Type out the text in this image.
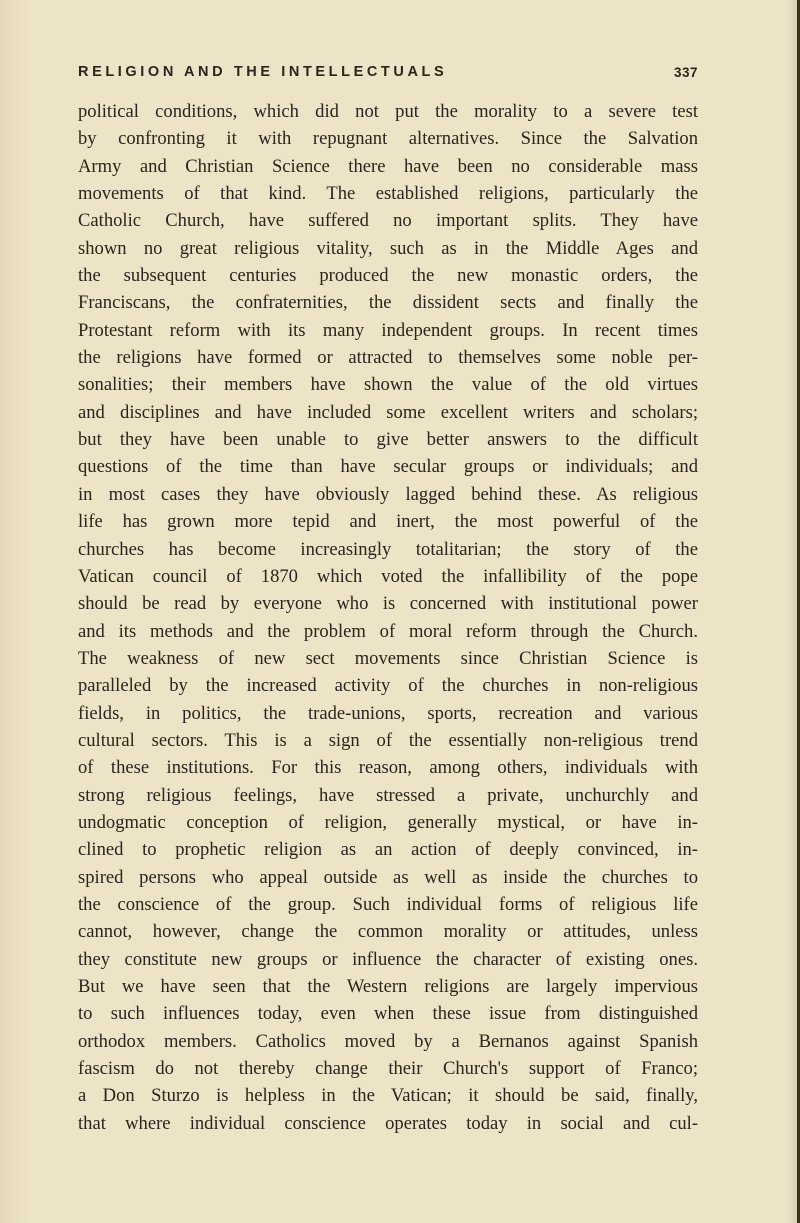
RELIGION AND THE INTELLECTUALS	337
political conditions, which did not put the morality to a severe test
by confronting it with repugnant alternatives. Since the Salvation
Army and Christian Science there have been no considerable mass
movements of that kind. The established religions, particularly the
Catholic Church, have suffered no important splits. They have
shown no great religious vitality, such as in the Middle Ages and
the subsequent centuries produced the new monastic orders, the
Franciscans, the confraternities, the dissident sects and finally the
Protestant reform with its many independent groups. In recent times
the religions have formed or attracted to themselves some noble per-
sonalities; their members have shown the value of the old virtues
and disciplines and have included some excellent writers and scholars;
but they have been unable to give better answers to the difficult
questions of the time than have secular groups or individuals; and
in most cases they have obviously lagged behind these. As religious
life has grown more tepid and inert, the most powerful of the
churches has become increasingly totalitarian; the story of the
Vatican council of 1870 which voted the infallibility of the pope
should be read by everyone who is concerned with institutional power
and its methods and the problem of moral reform through the Church.
The weakness of new sect movements since Christian Science is
paralleled by the increased activity of the churches in non-religious
fields, in politics, the trade-unions, sports, recreation and various
cultural sectors. This is a sign of the essentially non-religious trend
of these institutions. For this reason, among others, individuals with
strong religious feelings, have stressed a private, unchurchly and
undogmatic conception of religion, generally mystical, or have in-
clined to prophetic religion as an action of deeply convinced, in-
spired persons who appeal outside as well as inside the churches to
the conscience of the group. Such individual forms of religious life
cannot, however, change the common morality or attitudes, unless
they constitute new groups or influence the character of existing ones.
But we have seen that the Western religions are largely impervious
to such influences today, even when these issue from distinguished
orthodox members. Catholics moved by a Bernanos against Spanish
fascism do not thereby change their Church's support of Franco;
a Don Sturzo is helpless in the Vatican; it should be said, finally,
that where individual conscience operates today in social and cul-
